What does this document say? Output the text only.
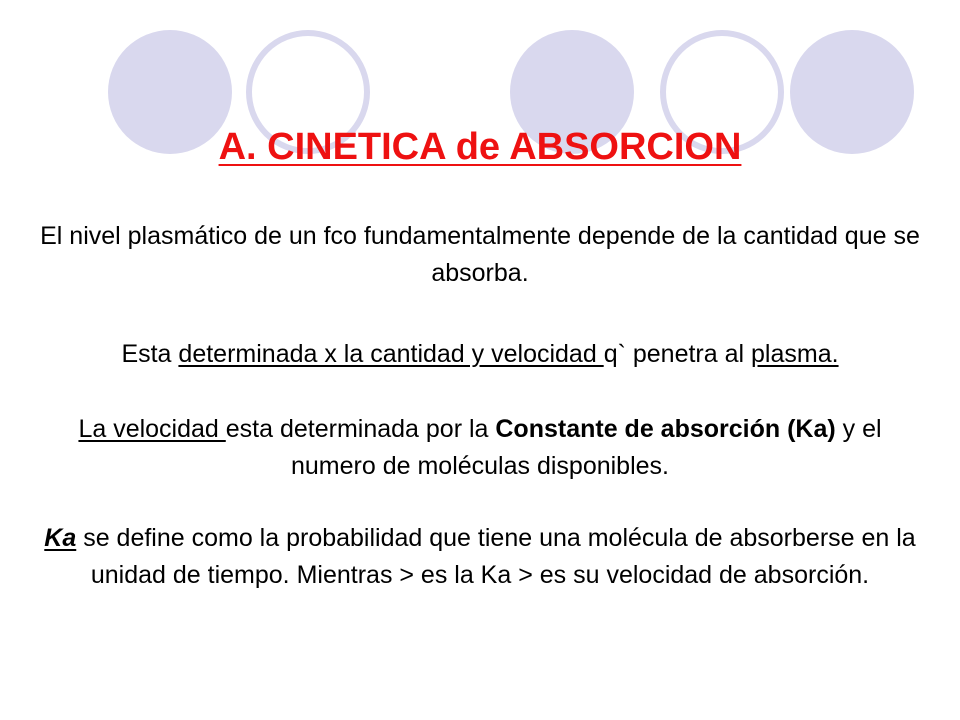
A. CINETICA de ABSORCION
El nivel plasmático de un fco fundamentalmente depende de la cantidad que se absorba.
Esta determinada x la cantidad y velocidad q` penetra al plasma.
La velocidad esta determinada por la Constante de absorción (Ka) y el numero de moléculas disponibles.
Ka se define como la probabilidad que tiene una molécula de absorberse en la unidad de tiempo. Mientras > es la Ka > es su velocidad de absorción.
